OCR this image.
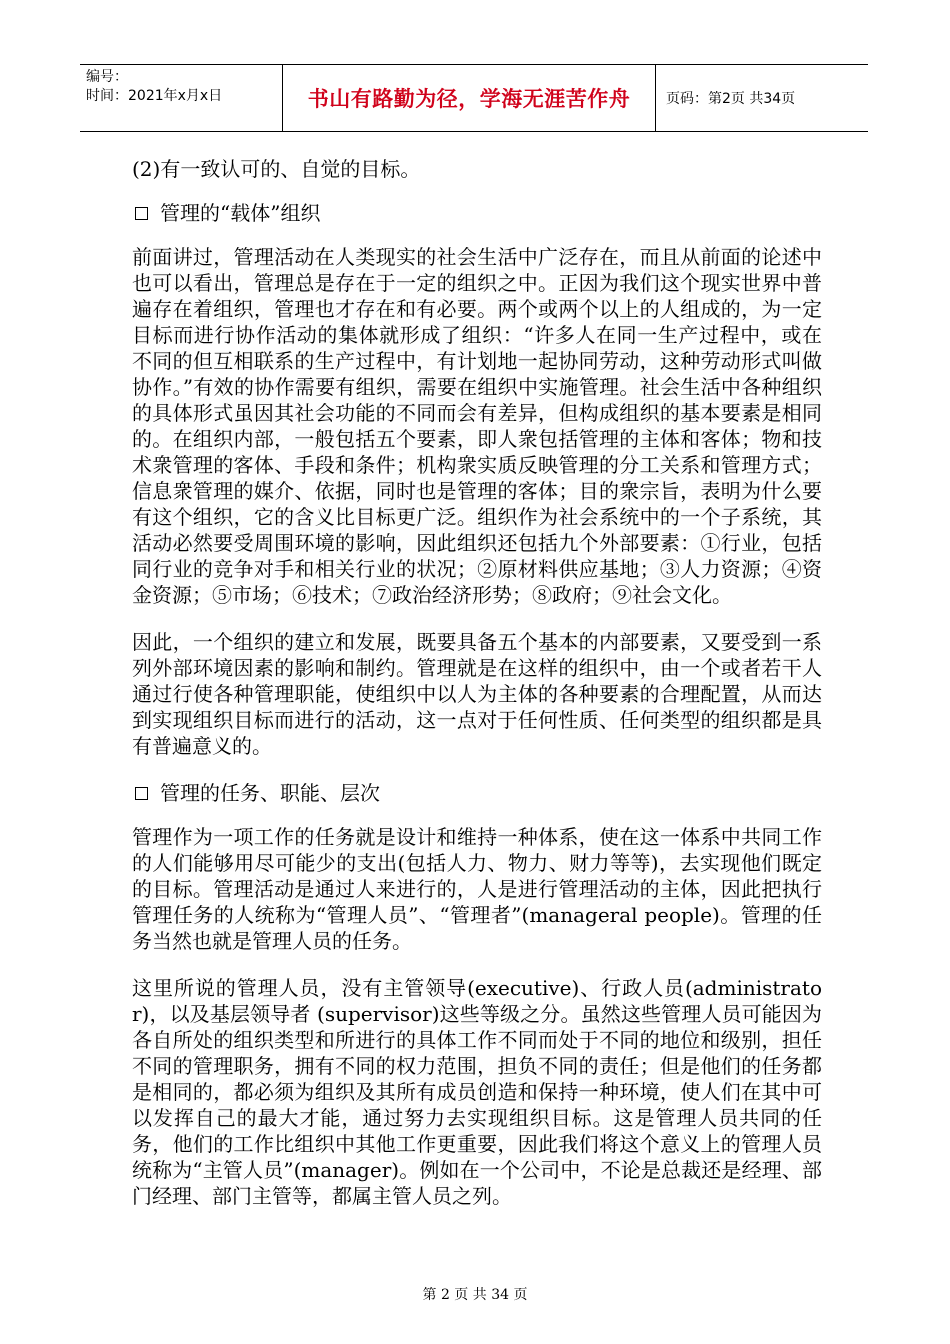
编号：
时间：2021年x月x日	书山有路勤为径，学海无涯苦作舟	页码：第2页 共34页

(2)有一致认可的、自觉的目标。

管理的“载体”组织

前面讲过，管理活动在人类现实的社会生活中广泛存在，而且从前面的论述中也可以看出，管理总是存在于一定的组织之中。正因为我们这个现实世界中普遍存在着组织，管理也才存在和有必要。两个或两个以上的人组成的，为一定目标而进行协作活动的集体就形成了组织：“许多人在同一生产过程中，或在不同的但互相联系的生产过程中，有计划地一起协同劳动，这种劳动形式叫做协作。”有效的协作需要有组织，需要在组织中实施管理。社会生活中各种组织的具体形式虽因其社会功能的不同而会有差异，但构成组织的基本要素是相同的。在组织内部，一般包括五个要素，即人衆包括管理的主体和客体；物和技术衆管理的客体、手段和条件；机构衆实质反映管理的分工关系和管理方式；信息衆管理的媒介、依据，同时也是管理的客体；目的衆宗旨，表明为什么要有这个组织，它的含义比目标更广泛。组织作为社会系统中的一个子系统，其活动必然要受周围环境的影响，因此组织还包括九个外部要素：①行业，包括同行业的竞争对手和相关行业的状况；②原材料供应基地；③人力资源；④资金资源；⑤市场；⑥技术；⑦政治经济形势；⑧政府；⑨社会文化。

因此，一个组织的建立和发展，既要具备五个基本的内部要素，又要受到一系列外部环境因素的影响和制约。管理就是在这样的组织中，由一个或者若干人通过行使各种管理职能，使组织中以人为主体的各种要素的合理配置，从而达到实现组织目标而进行的活动，这一点对于任何性质、任何类型的组织都是具有普遍意义的。

管理的任务、职能、层次

管理作为一项工作的任务就是设计和维持一种体系，使在这一体系中共同工作的人们能够用尽可能少的支出(包括人力、物力、财力等等)，去实现他们既定的目标。管理活动是通过人来进行的，人是进行管理活动的主体，因此把执行管理任务的人统称为“管理人员”、“管理者”(manageral people)。管理的任务当然也就是管理人员的任务。

这里所说的管理人员，没有主管领导(executive)、行政人员(administrator)，以及基层领导者 (supervisor)这些等级之分。虽然这些管理人员可能因为各自所处的组织类型和所进行的具体工作不同而处于不同的地位和级别，担任不同的管理职务，拥有不同的权力范围，担负不同的责任；但是他们的任务都是相同的，都必须为组织及其所有成员创造和保持一种环境，使人们在其中可以发挥自己的最大才能，通过努力去实现组织目标。这是管理人员共同的任务，他们的工作比组织中其他工作更重要，因此我们将这个意义上的管理人员统称为“主管人员”(manager)。例如在一个公司中，不论是总裁还是经理、部门经理、部门主管等，都属主管人员之列。

第 2 页 共 34 页
